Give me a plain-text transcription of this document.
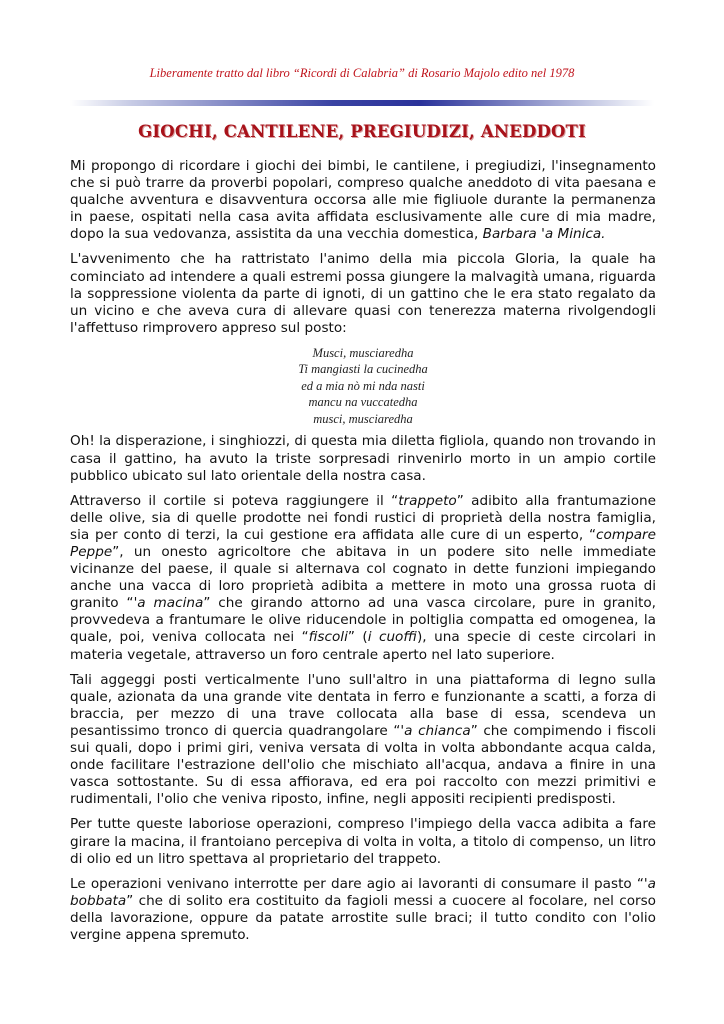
Liberamente tratto dal libro “Ricordi di Calabria” di Rosario Majolo edito nel 1978
GIOCHI, CANTILENE, PREGIUDIZI, ANEDDOTI

Mi propongo di ricordare i giochi dei bimbi, le cantilene, i pregiudizi, l'insegnamento che si può trarre da proverbi popolari, compreso qualche aneddoto di vita paesana e qualche avventura e disavventura occorsa alle mie figliuole durante la permanenza in paese, ospitati nella casa avita affidata esclusivamente alle cure di mia madre, dopo la sua vedovanza, assistita da una vecchia domestica, Barbara 'a Minica.

L'avvenimento che ha rattristato l'animo della mia piccola Gloria, la quale ha cominciato ad intendere a quali estremi possa giungere la malvagità umana, riguarda la soppressione violenta da parte di ignoti, di un gattino che le era stato regalato da un vicino e che aveva cura di allevare quasi con tenerezza materna rivolgendogli l'affettuso rimprovero appreso sul posto:

Musci, musciaredha
Ti mangiasti la cucinedha
ed a mia nò mi nda nasti
mancu na vuccatedha
musci, musciaredha

Oh! la disperazione, i singhiozzi, di questa mia diletta figliola, quando non trovando in casa il gattino, ha avuto la triste sorpresadi rinvenirlo morto in un ampio cortile pubblico ubicato sul lato orientale della nostra casa.

Attraverso il cortile si poteva raggiungere il “trappeto” adibito alla frantumazione delle olive, sia di quelle prodotte nei fondi rustici di proprietà della nostra famiglia, sia per conto di terzi, la cui gestione era affidata alle cure di un esperto, “compare Peppe”, un onesto agricoltore che abitava in un podere sito nelle immediate vicinanze del paese, il quale si alternava col cognato in dette funzioni impiegando anche una vacca di loro proprietà adibita a mettere in moto una grossa ruota di granito “'a macina” che girando attorno ad una vasca circolare, pure in granito, provvedeva a frantumare le olive riducendole in poltiglia compatta ed omogenea, la quale, poi, veniva collocata nei “fiscoli” (i cuoffi), una specie di ceste circolari in materia vegetale, attraverso un foro centrale aperto nel lato superiore.

Tali aggeggi posti verticalmente l'uno sull'altro in una piattaforma di legno sulla quale, azionata da una grande vite dentata in ferro e funzionante a scatti, a forza di braccia, per mezzo di una trave collocata alla base di essa, scendeva un pesantissimo tronco di quercia quadrangolare “'a chianca” che compimendo i fiscoli sui quali, dopo i primi giri, veniva versata di volta in volta abbondante acqua calda, onde facilitare l'estrazione dell'olio che mischiato all'acqua, andava a finire in una vasca sottostante. Su di essa affiorava, ed era poi raccolto con mezzi primitivi e rudimentali, l'olio che veniva riposto, infine, negli appositi recipienti predisposti.

Per tutte queste laboriose operazioni, compreso l'impiego della vacca adibita a fare girare la macina, il frantoiano percepiva di volta in volta, a titolo di compenso, un litro di olio ed un litro spettava al proprietario del trappeto.

Le operazioni venivano interrotte per dare agio ai lavoranti di consumare il pasto “'a bobbata” che di solito era costituito da fagioli messi a cuocere al focolare, nel corso della lavorazione, oppure da patate arrostite sulle braci; il tutto condito con l'olio vergine appena spremuto.
